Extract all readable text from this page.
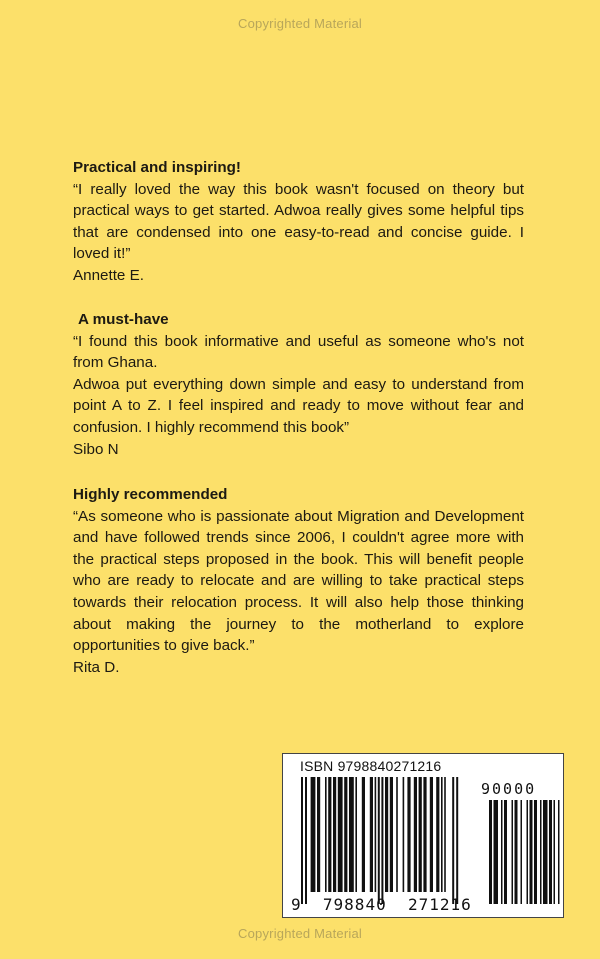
Copyrighted Material
Practical and inspiring!

“I really loved the way this book wasn't focused on theory but practical ways to get started. Adwoa really gives some helpful tips that are condensed into one easy-to-read and concise guide. I loved it!”

Annette E.
A must-have

“I found this book informative and useful as someone who's not from Ghana.

Adwoa put everything down simple and easy to understand from point A to Z. I feel inspired and ready to move without fear and confusion. I highly recommend this book”

Sibo N
Highly recommended

“As someone who is passionate about Migration and Development and have followed trends since 2006, I couldn't agree more with the practical steps proposed in the book. This will benefit people who are ready to relocate and are willing to take practical steps towards their relocation process. It will also help those thinking about making the journey to the motherland to explore opportunities to give back.”

Rita D.
ISBN 9798840271216
90000
9 798840 271216
Copyrighted Material
